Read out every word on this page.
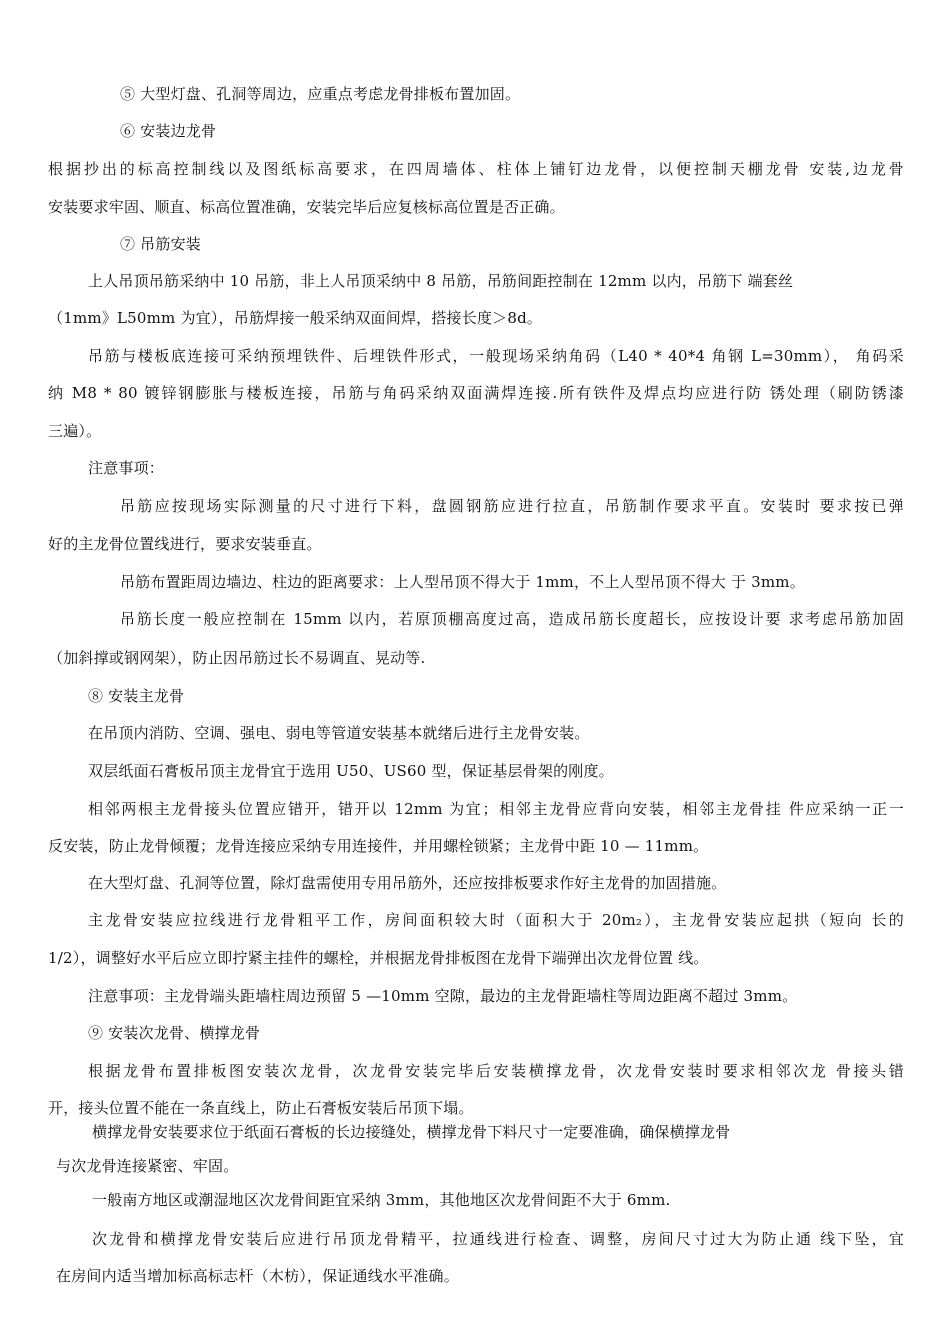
⑤ 大型灯盘、孔洞等周边，应重点考虑龙骨排板布置加固。
⑥ 安装边龙骨
根据抄出的标高控制线以及图纸标高要求，在四周墙体、柱体上铺钉边龙骨，以便控制天棚龙骨 安装,边龙骨
安装要求牢固、顺直、标高位置准确，安装完毕后应复核标高位置是否正确。
⑦ 吊筋安装
上人吊顶吊筋采纳中 10 吊筋，非上人吊顶采纳中 8 吊筋，吊筋间距控制在 12mm 以内，吊筋下 端套丝
（1mm》L50mm 为宜），吊筋焊接一般采纳双面间焊，搭接长度＞8d。
吊筋与楼板底连接可采纳预埋铁件、后埋铁件形式，一般现场采纳角码（L40 * 40*4 角钢 L=30mm）， 角码采
纳 M8 * 80 镀锌钢膨胀与楼板连接，吊筋与角码采纳双面满焊连接.所有铁件及焊点均应进行防 锈处理（刷防锈漆
三遍）。
注意事项：
吊筋应按现场实际测量的尺寸进行下料，盘圆钢筋应进行拉直，吊筋制作要求平直。安装时 要求按已弹
好的主龙骨位置线进行，要求安装垂直。
吊筋布置距周边墙边、柱边的距离要求：上人型吊顶不得大于 1mm，不上人型吊顶不得大 于 3mm。
吊筋长度一般应控制在 15mm 以内，若原顶棚高度过高，造成吊筋长度超长，应按设计要 求考虑吊筋加固
（加斜撑或钢网架），防止因吊筋过长不易调直、晃动等.
⑧ 安装主龙骨
在吊顶内消防、空调、强电、弱电等管道安装基本就绪后进行主龙骨安装。
双层纸面石膏板吊顶主龙骨宜于选用 U50、US60 型，保证基层骨架的刚度。
相邻两根主龙骨接头位置应错开，错开以 12mm 为宜；相邻主龙骨应背向安装，相邻主龙骨挂 件应采纳一正一
反安装，防止龙骨倾覆；龙骨连接应采纳专用连接件，并用螺栓锁紧；主龙骨中距 10 — 11mm。
在大型灯盘、孔洞等位置，除灯盘需使用专用吊筋外，还应按排板要求作好主龙骨的加固措施。
主龙骨安装应拉线进行龙骨粗平工作，房间面积较大时（面积大于 20m₂），主龙骨安装应起拱（短向 长的
1/2），调整好水平后应立即拧紧主挂件的螺栓，并根据龙骨排板图在龙骨下端弹出次龙骨位置 线。
注意事项：主龙骨端头距墙柱周边预留 5 —10mm 空隙，最边的主龙骨距墙柱等周边距离不超过 3mm。
⑨ 安装次龙骨、横撑龙骨
根据龙骨布置排板图安装次龙骨，次龙骨安装完毕后安装横撑龙骨，次龙骨安装时要求相邻次龙 骨接头错
开，接头位置不能在一条直线上，防止石膏板安装后吊顶下塌。
横撑龙骨安装要求位于纸面石膏板的长边接缝处，横撑龙骨下料尺寸一定要准确，确保横撑龙骨
与次龙骨连接紧密、牢固。
一般南方地区或潮湿地区次龙骨间距宜采纳 3mm，其他地区次龙骨间距不大于 6mm.
次龙骨和横撑龙骨安装后应进行吊顶龙骨精平，拉通线进行检查、调整，房间尺寸过大为防止通 线下坠，宜
在房间内适当增加标高标志杆（木枋），保证通线水平准确。
